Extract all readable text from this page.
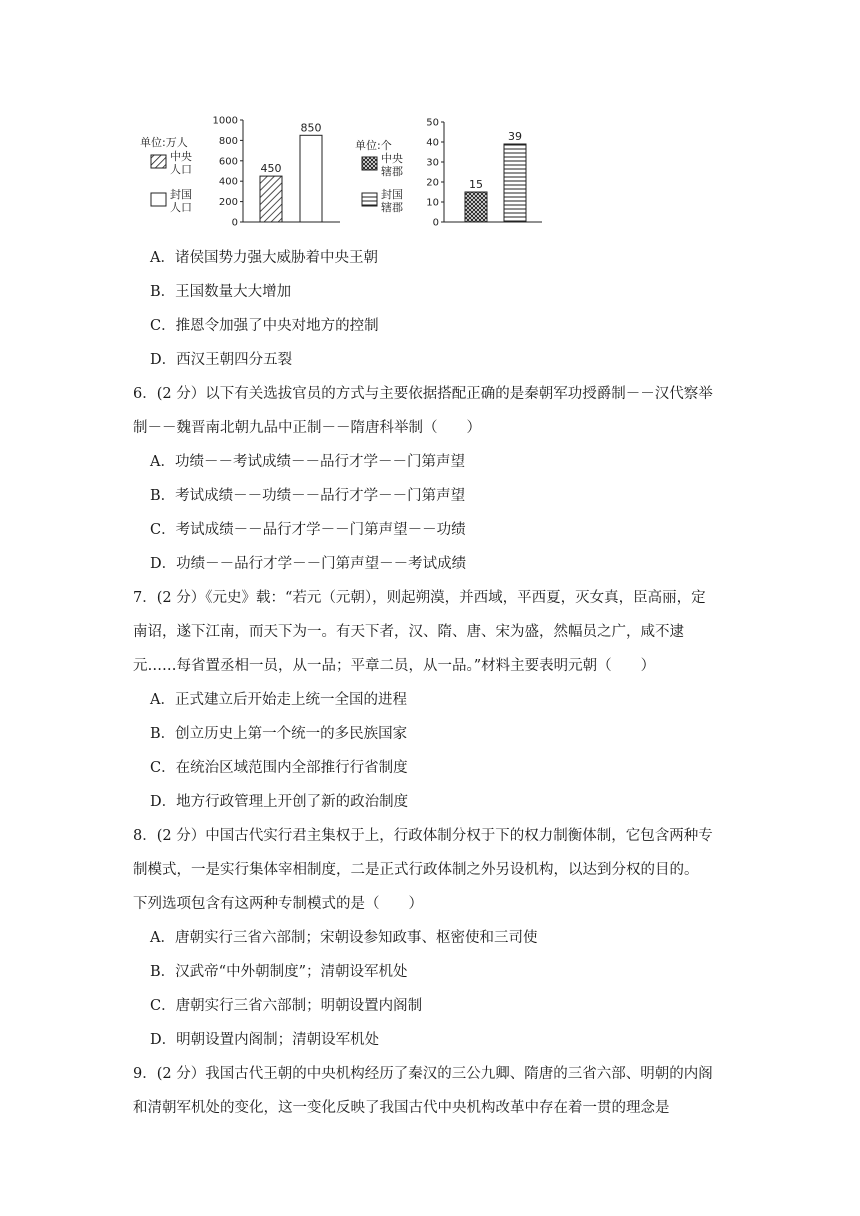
单位:万人
中央
人口
封国
人口
0
200
400
600
800
1000
450
850
单位:个
中央
辖郡
封国
辖郡
0
10
20
30
40
50
15
39
A．诸侯国势力强大威胁着中央王朝
B．王国数量大大增加
C．推恩令加强了中央对地方的控制
D．西汉王朝四分五裂
6．(2 分）以下有关选拔官员的方式与主要依据搭配正确的是秦朝军功授爵制－－汉代察举
制－－魏晋南北朝九品中正制－－隋唐科举制（　　）
A．功绩－－考试成绩－－品行才学－－门第声望
B．考试成绩－－功绩－－品行才学－－门第声望
C．考试成绩－－品行才学－－门第声望－－功绩
D．功绩－－品行才学－－门第声望－－考试成绩
7．(2 分）《元史》载：“若元（元朝），则起朔漠，并西域，平西夏，灭女真，臣高丽，定
南诏，遂下江南，而天下为一。有天下者，汉、隋、唐、宋为盛，然幅员之广，咸不逮
元……每省置丞相一员，从一品；平章二员，从一品。”材料主要表明元朝（　　）
A．正式建立后开始走上统一全国的进程
B．创立历史上第一个统一的多民族国家
C．在统治区域范围内全部推行行省制度
D．地方行政管理上开创了新的政治制度
8．(2 分）中国古代实行君主集权于上，行政体制分权于下的权力制衡体制，它包含两种专
制模式，一是实行集体宰相制度，二是正式行政体制之外另设机构，以达到分权的目的。
下列选项包含有这两种专制模式的是（　　）
A．唐朝实行三省六部制；宋朝设参知政事、枢密使和三司使
B．汉武帝“中外朝制度”；清朝设军机处
C．唐朝实行三省六部制；明朝设置内阁制
D．明朝设置内阁制；清朝设军机处
9．(2 分）我国古代王朝的中央机构经历了秦汉的三公九卿、隋唐的三省六部、明朝的内阁
和清朝军机处的变化，这一变化反映了我国古代中央机构改革中存在着一贯的理念是
